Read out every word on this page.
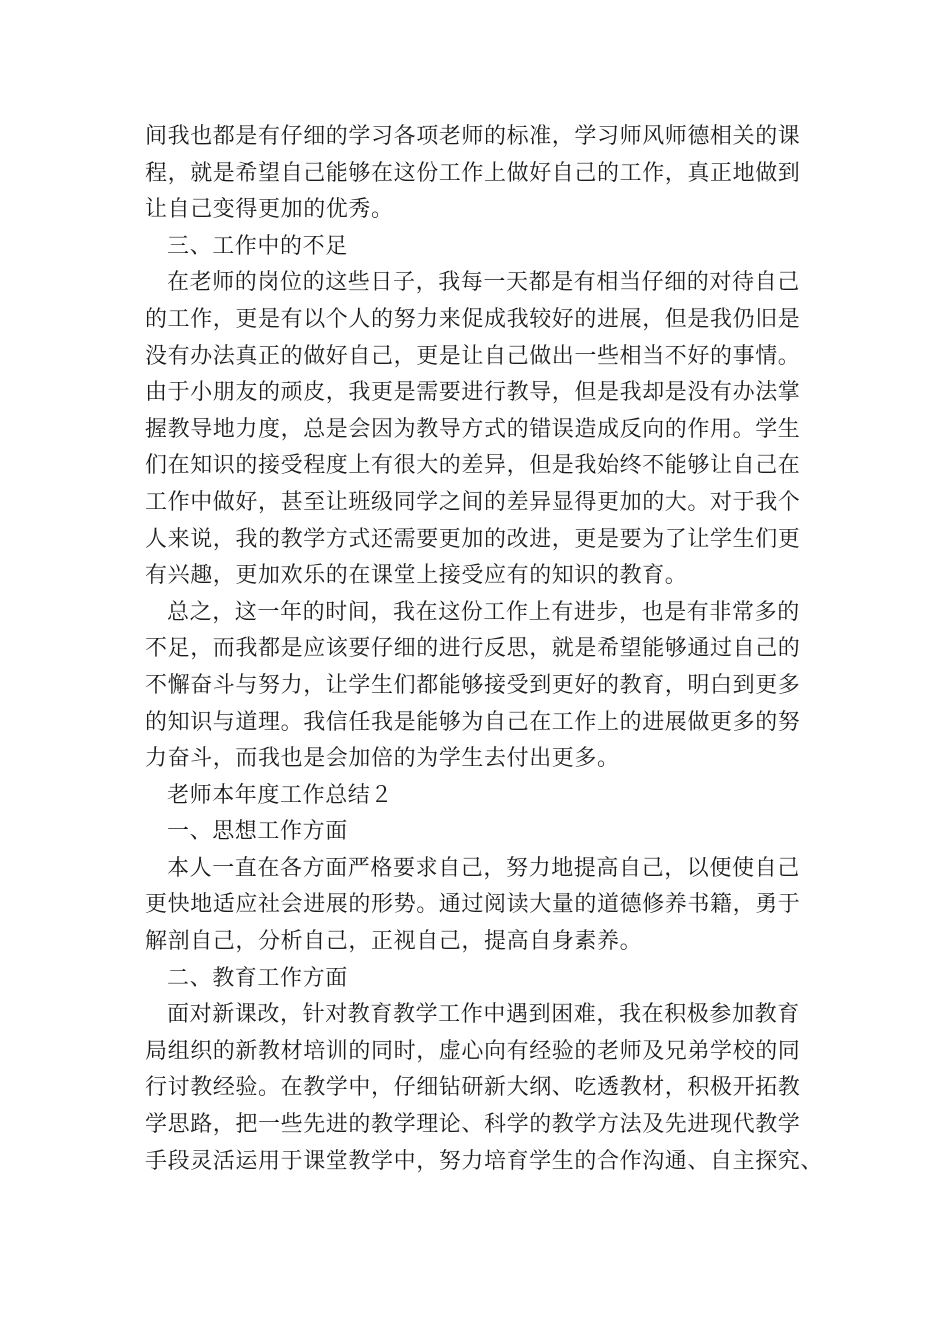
间我也都是有仔细的学习各项老师的标准，学习师风师德相关的课
程，就是希望自己能够在这份工作上做好自己的工作，真正地做到
让自己变得更加的优秀。
三、工作中的不足
在老师的岗位的这些日子，我每一天都是有相当仔细的对待自己
的工作，更是有以个人的努力来促成我较好的进展，但是我仍旧是
没有办法真正的做好自己，更是让自己做出一些相当不好的事情。
由于小朋友的顽皮，我更是需要进行教导，但是我却是没有办法掌
握教导地力度，总是会因为教导方式的错误造成反向的作用。学生
们在知识的接受程度上有很大的差异，但是我始终不能够让自己在
工作中做好，甚至让班级同学之间的差异显得更加的大。对于我个
人来说，我的教学方式还需要更加的改进，更是要为了让学生们更
有兴趣，更加欢乐的在课堂上接受应有的知识的教育。
总之，这一年的时间，我在这份工作上有进步，也是有非常多的
不足，而我都是应该要仔细的进行反思，就是希望能够通过自己的
不懈奋斗与努力，让学生们都能够接受到更好的教育，明白到更多
的知识与道理。我信任我是能够为自己在工作上的进展做更多的努
力奋斗，而我也是会加倍的为学生去付出更多。
老师本年度工作总结２
一、思想工作方面
本人一直在各方面严格要求自己，努力地提高自己，以便使自己
更快地适应社会进展的形势。通过阅读大量的道德修养书籍，勇于
解剖自己，分析自己，正视自己，提高自身素养。
二、教育工作方面
面对新课改，针对教育教学工作中遇到困难，我在积极参加教育
局组织的新教材培训的同时，虚心向有经验的老师及兄弟学校的同
行讨教经验。在教学中，仔细钻研新大纲、吃透教材，积极开拓教
学思路，把一些先进的教学理论、科学的教学方法及先进现代教学
手段灵活运用于课堂教学中，努力培育学生的合作沟通、自主探究、
